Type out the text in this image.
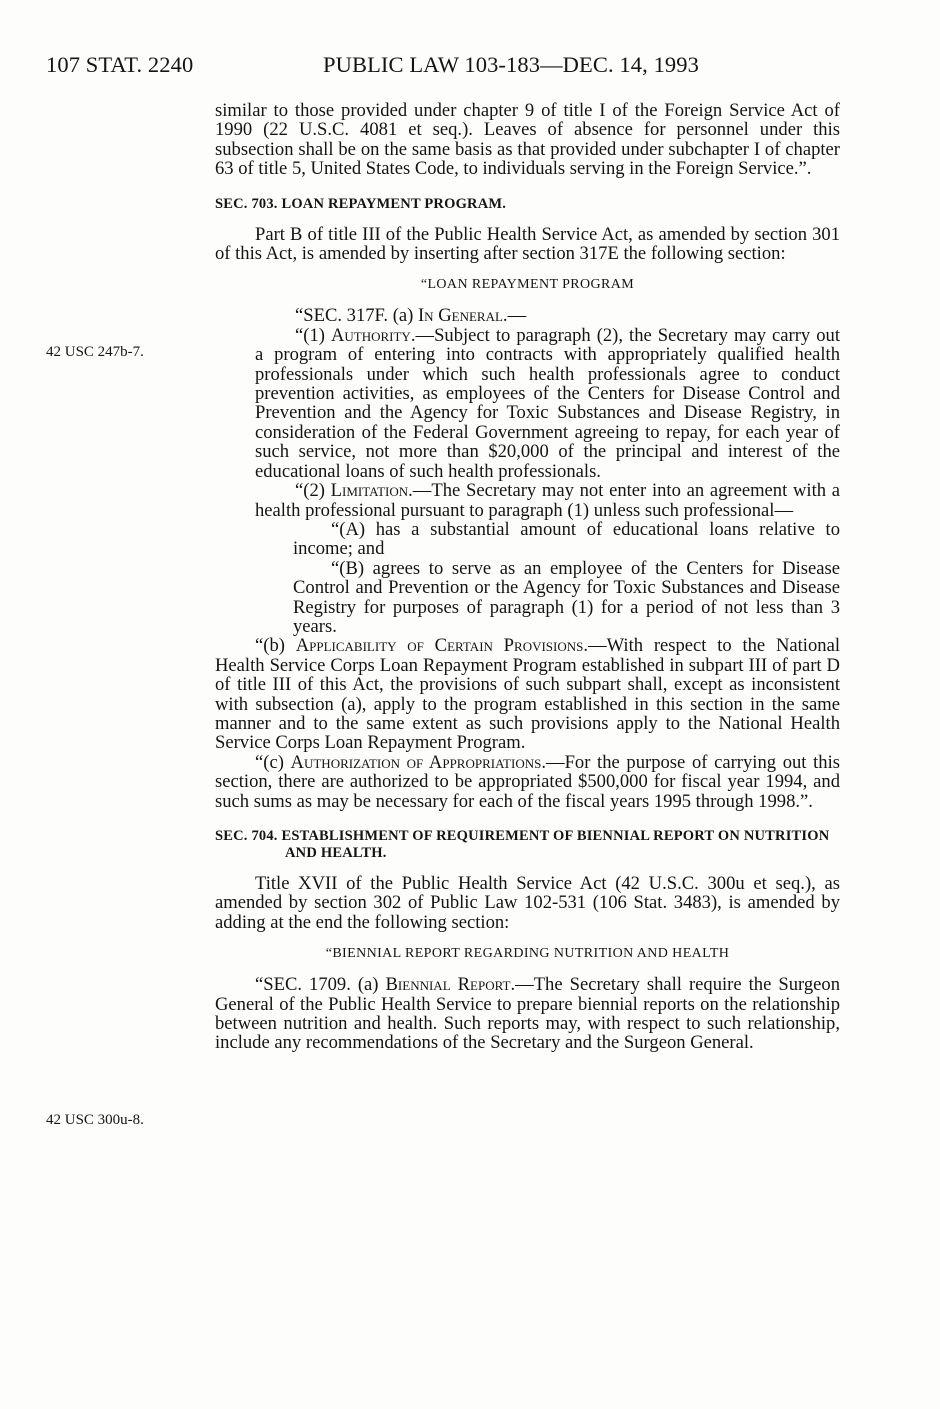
107 STAT. 2240	PUBLIC LAW 103-183—DEC. 14, 1993
42 USC 247b-7.
42 USC 300u-8.

similar to those provided under chapter 9 of title I of the Foreign Service Act of 1990 (22 U.S.C. 4081 et seq.). Leaves of absence for personnel under this subsection shall be on the same basis as that provided under subchapter I of chapter 63 of title 5, United States Code, to individuals serving in the Foreign Service.”.

SEC. 703. LOAN REPAYMENT PROGRAM.

Part B of title III of the Public Health Service Act, as amended by section 301 of this Act, is amended by inserting after section 317E the following section:

“LOAN REPAYMENT PROGRAM

“SEC. 317F. (a) In General.—

“(1) Authority.—Subject to paragraph (2), the Secretary may carry out a program of entering into contracts with appropriately qualified health professionals under which such health professionals agree to conduct prevention activities, as employees of the Centers for Disease Control and Prevention and the Agency for Toxic Substances and Disease Registry, in consideration of the Federal Government agreeing to repay, for each year of such service, not more than $20,000 of the principal and interest of the educational loans of such health professionals.

“(2) Limitation.—The Secretary may not enter into an agreement with a health professional pursuant to paragraph (1) unless such professional—

“(A) has a substantial amount of educational loans relative to income; and

“(B) agrees to serve as an employee of the Centers for Disease Control and Prevention or the Agency for Toxic Substances and Disease Registry for purposes of paragraph (1) for a period of not less than 3 years.

“(b) Applicability of Certain Provisions.—With respect to the National Health Service Corps Loan Repayment Program established in subpart III of part D of title III of this Act, the provisions of such subpart shall, except as inconsistent with subsection (a), apply to the program established in this section in the same manner and to the same extent as such provisions apply to the National Health Service Corps Loan Repayment Program.

“(c) Authorization of Appropriations.—For the purpose of carrying out this section, there are authorized to be appropriated $500,000 for fiscal year 1994, and such sums as may be necessary for each of the fiscal years 1995 through 1998.”.

SEC. 704. ESTABLISHMENT OF REQUIREMENT OF BIENNIAL REPORT ON NUTRITION AND HEALTH.

Title XVII of the Public Health Service Act (42 U.S.C. 300u et seq.), as amended by section 302 of Public Law 102-531 (106 Stat. 3483), is amended by adding at the end the following section:

“BIENNIAL REPORT REGARDING NUTRITION AND HEALTH

“SEC. 1709. (a) Biennial Report.—The Secretary shall require the Surgeon General of the Public Health Service to prepare biennial reports on the relationship between nutrition and health. Such reports may, with respect to such relationship, include any recommendations of the Secretary and the Surgeon General.
